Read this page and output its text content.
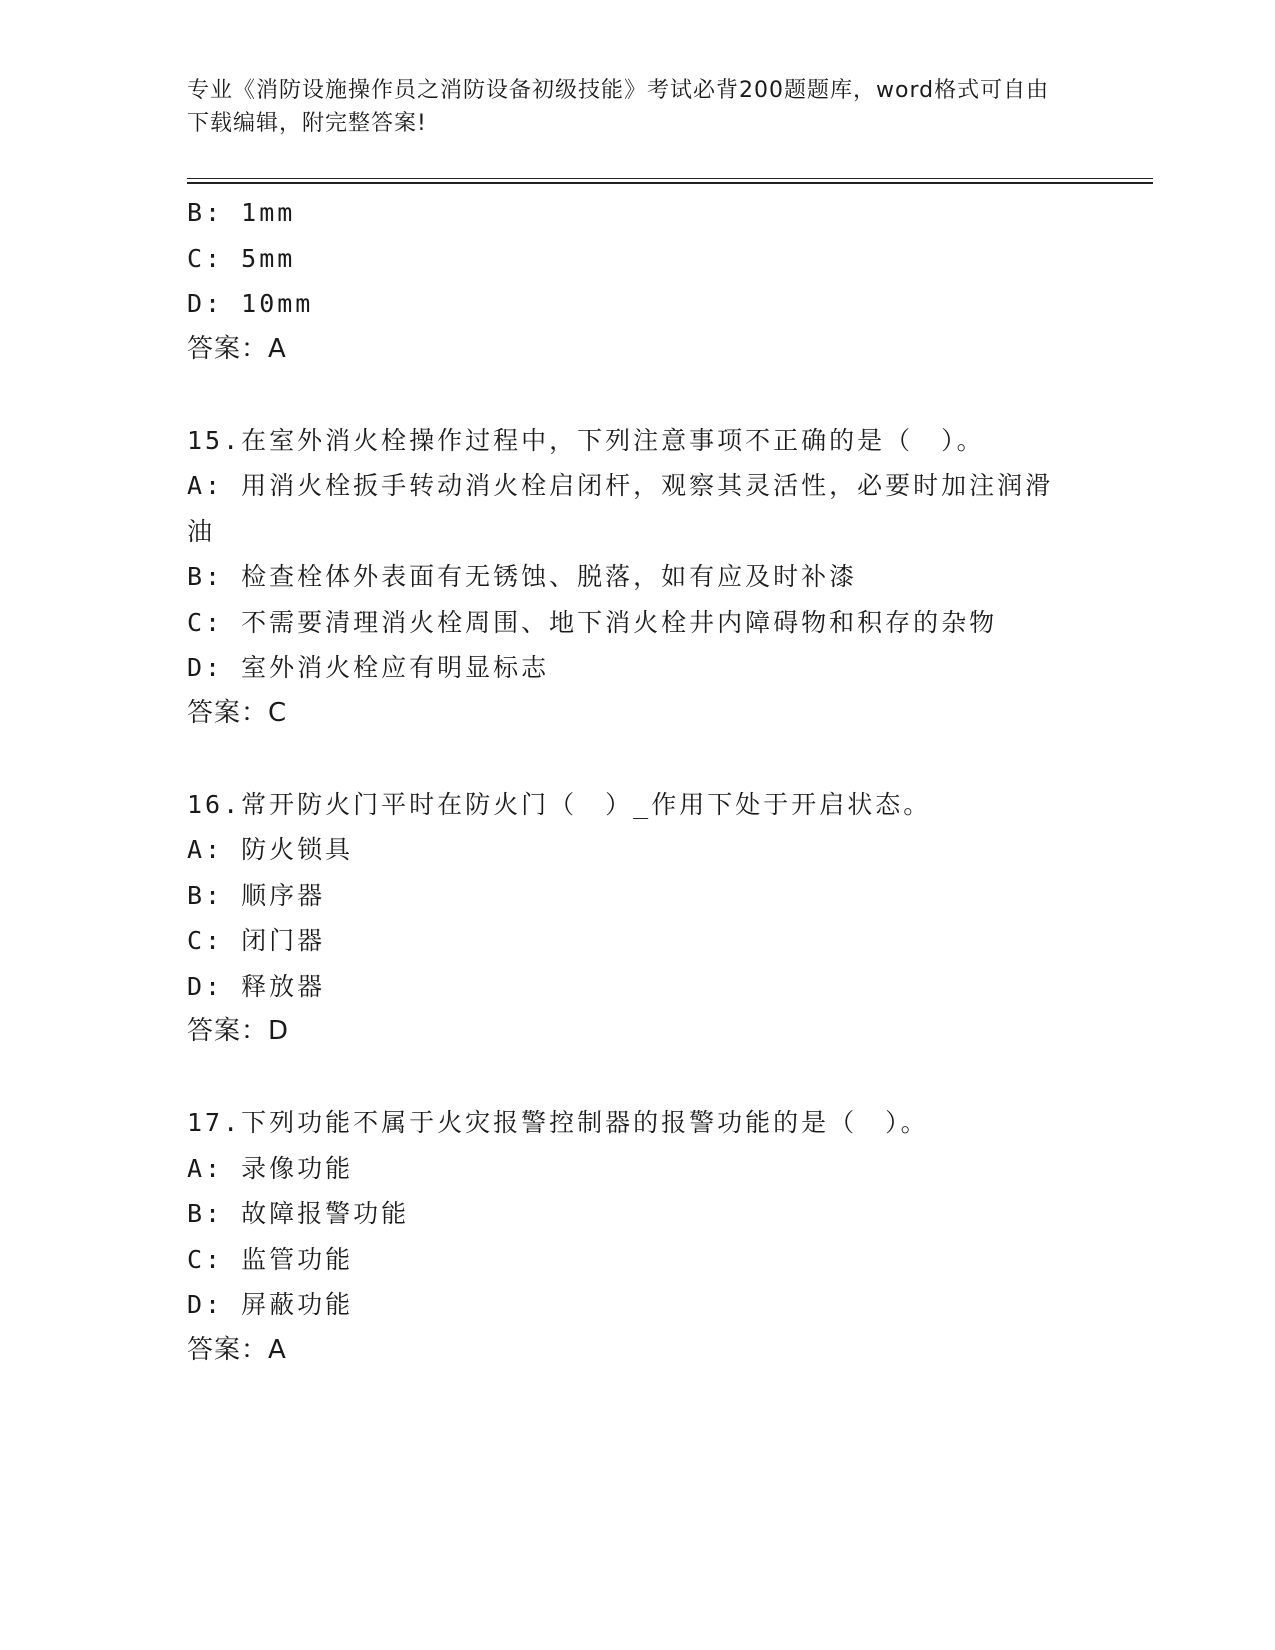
专业《消防设施操作员之消防设备初级技能》考试必背200题题库，word格式可自由下载编辑，附完整答案!
B: 1mm
C: 5mm
D: 10mm
答案：A
15.在室外消火栓操作过程中，下列注意事项不正确的是（　）。
A: 用消火栓扳手转动消火栓启闭杆，观察其灵活性，必要时加注润滑油
B: 检查栓体外表面有无锈蚀、脱落，如有应及时补漆
C: 不需要清理消火栓周围、地下消火栓井内障碍物和积存的杂物
D: 室外消火栓应有明显标志
答案：C
16.常开防火门平时在防火门（　）_作用下处于开启状态。
A: 防火锁具
B: 顺序器
C: 闭门器
D: 释放器
答案：D
17.下列功能不属于火灾报警控制器的报警功能的是（　）。
A: 录像功能
B: 故障报警功能
C: 监管功能
D: 屏蔽功能
答案：A
